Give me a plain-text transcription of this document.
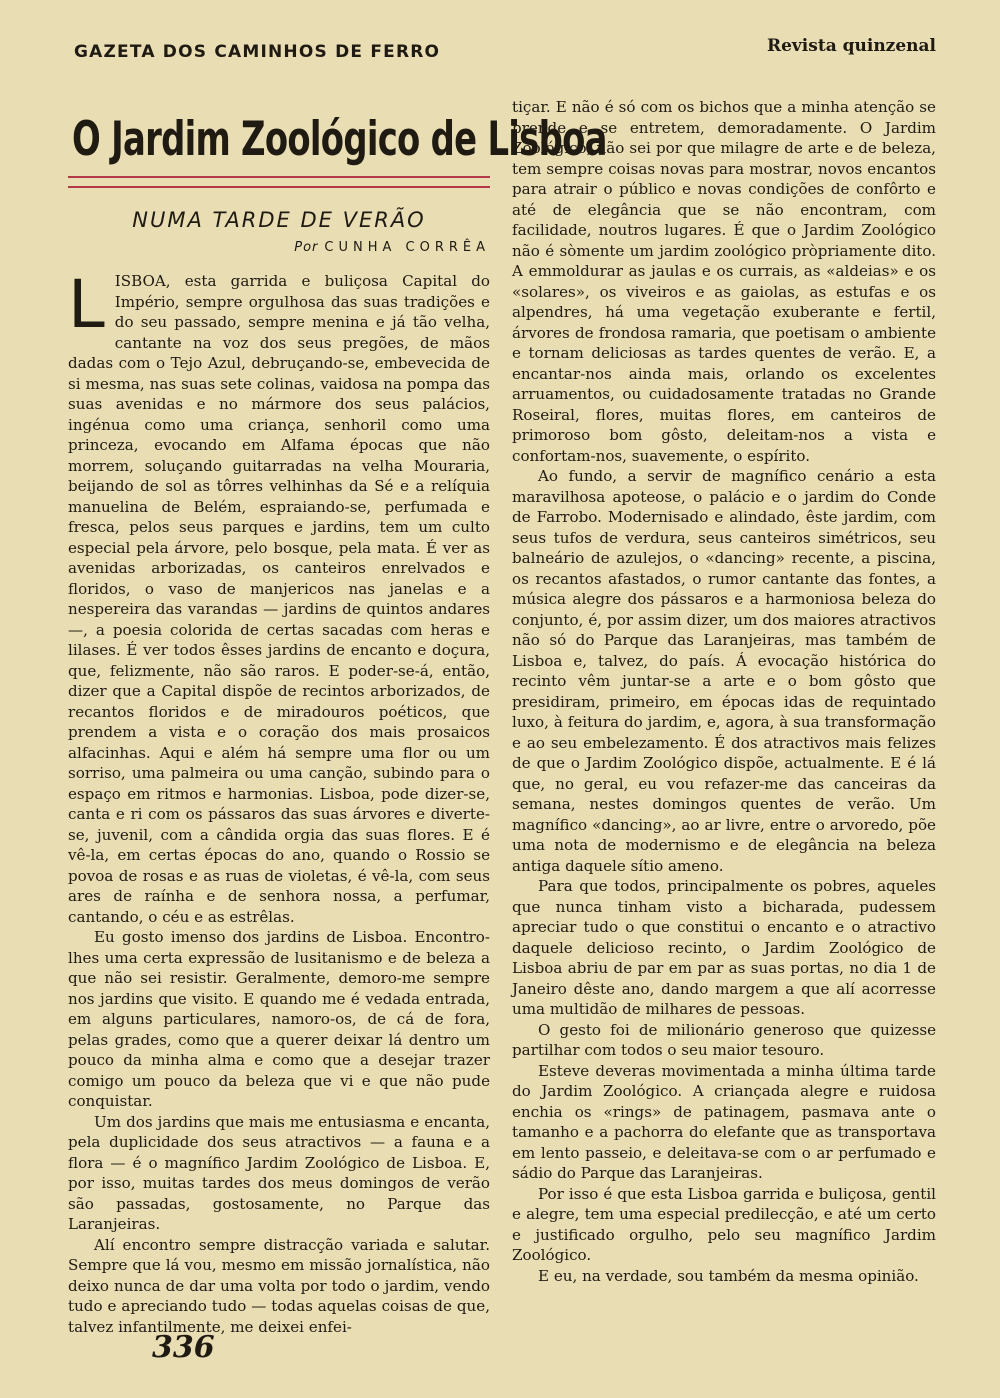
GAZETA DOS CAMINHOS DE FERRO	Revista quinzenal
O Jardim Zoológico de Lisboa
NUMA TARDE DE VERÃO
Por CUNHA CORRÊA

LISBOA, esta garrida e buliçosa Capital do Império, sempre orgulhosa das suas tradições e do seu passado, sempre menina e já tão velha, cantante na voz dos seus pregões, de mãos dadas com o Tejo Azul, debruçando-se, embevecida de si mesma, nas suas sete colinas, vaidosa na pompa das suas avenidas e no mármore dos seus palácios, ingénua como uma criança, senhoril como uma princeza, evocando em Alfama épocas que não morrem, soluçando guitarradas na velha Mouraria, beijando de sol as tôrres velhinhas da Sé e a relíquia manuelina de Belém, espraiando-se, perfumada e fresca, pelos seus parques e jardins, tem um culto especial pela árvore, pelo bosque, pela mata. É ver as avenidas arborizadas, os canteiros enrelvados e floridos, o vaso de manjericos nas janelas e a nespereira das varandas — jardins de quintos andares—, a poesia colorida de certas sacadas com heras e lilases. É ver todos êsses jardins de encanto e doçura, que, felizmente, não são raros. E poder-se-á, então, dizer que a Capital dispõe de recintos arborizados, de recantos floridos e de miradouros poéticos, que prendem a vista e o coração dos mais prosaicos alfacinhas. Aqui e além há sempre uma flor ou um sorriso, uma palmeira ou uma canção, subindo para o espaço em ritmos e harmonias. Lisboa, pode dizer-se, canta e ri com os pássaros das suas árvores e diverte-se, juvenil, com a cândida orgia das suas flores. E é vê-la, em certas épocas do ano, quando o Rossio se povoa de rosas e as ruas de violetas, é vê-la, com seus ares de raínha e de senhora nossa, a perfumar, cantando, o céu e as estrêlas.

Eu gosto imenso dos jardins de Lisboa. Encontro-lhes uma certa expressão de lusitanismo e de beleza a que não sei resistir. Geralmente, demoro-me sempre nos jardins que visito. E quando me é vedada entrada, em alguns particulares, namoro-os, de cá de fora, pelas grades, como que a querer deixar lá dentro um pouco da minha alma e como que a desejar trazer comigo um pouco da beleza que vi e que não pude conquistar.

Um dos jardins que mais me entusiasma e encanta, pela duplicidade dos seus atractivos — a fauna e a flora — é o magnífico Jardim Zoológico de Lisboa. E, por isso, muitas tardes dos meus domingos de verão são passadas, gostosamente, no Parque das Laranjeiras.

Alí encontro sempre distracção variada e salutar. Sempre que lá vou, mesmo em missão jornalística, não deixo nunca de dar uma volta por todo o jardim, vendo tudo e apreciando tudo — todas aquelas coisas de que, talvez infantilmente, me deixei enfei-

tiçar. E não é só com os bichos que a minha atenção se prende e se entretem, demoradamente. O Jardim Zoológico, não sei por que milagre de arte e de beleza, tem sempre coisas novas para mostrar, novos encantos para atrair o público e novas condições de confôrto e até de elegância que se não encontram, com facilidade, noutros lugares. É que o Jardim Zoológico não é sòmente um jardim zoológico pròpriamente dito. A emmoldurar as jaulas e os currais, as «aldeias» e os «solares», os viveiros e as gaiolas, as estufas e os alpendres, há uma vegetação exuberante e fertil, árvores de frondosa ramaria, que poetisam o ambiente e tornam deliciosas as tardes quentes de verão. E, a encantar-nos ainda mais, orlando os excelentes arruamentos, ou cuidadosamente tratadas no Grande Roseiral, flores, muitas flores, em canteiros de primoroso bom gôsto, deleitam-nos a vista e confortam-nos, suavemente, o espírito.

Ao fundo, a servir de magnífico cenário a esta maravilhosa apoteose, o palácio e o jardim do Conde de Farrobo. Modernisado e alindado, êste jardim, com seus tufos de verdura, seus canteiros simétricos, seu balneário de azulejos, o «dancing» recente, a piscina, os recantos afastados, o rumor cantante das fontes, a música alegre dos pássaros e a harmoniosa beleza do conjunto, é, por assim dizer, um dos maiores atractivos não só do Parque das Laranjeiras, mas também de Lisboa e, talvez, do país. Á evocação histórica do recinto vêm juntar-se a arte e o bom gôsto que presidiram, primeiro, em épocas idas de requintado luxo, à feitura do jardim, e, agora, à sua transformação e ao seu embelezamento. É dos atractivos mais felizes de que o Jardim Zoológico dispõe, actualmente. E é lá que, no geral, eu vou refazer-me das canceiras da semana, nestes domingos quentes de verão. Um magnífico «dancing», ao ar livre, entre o arvoredo, põe uma nota de modernismo e de elegância na beleza antiga daquele sítio ameno.

Para que todos, principalmente os pobres, aqueles que nunca tinham visto a bicharada, pudessem apreciar tudo o que constitui o encanto e o atractivo daquele delicioso recinto, o Jardim Zoológico de Lisboa abriu de par em par as suas portas, no dia 1 de Janeiro dêste ano, dando margem a que alí acorresse uma multidão de milhares de pessoas.

O gesto foi de milionário generoso que quizesse partilhar com todos o seu maior tesouro.

Esteve deveras movimentada a minha última tarde do Jardim Zoológico. A criançada alegre e ruidosa enchia os «rings» de patinagem, pasmava ante o tamanho e a pachorra do elefante que as transportava em lento passeio, e deleitava-se com o ar perfumado e sádio do Parque das Laranjeiras.

Por isso é que esta Lisboa garrida e buliçosa, gentil e alegre, tem uma especial predilecção, e até um certo e justificado orgulho, pelo seu magnífico Jardim Zoológico.

E eu, na verdade, sou também da mesma opinião.

336
